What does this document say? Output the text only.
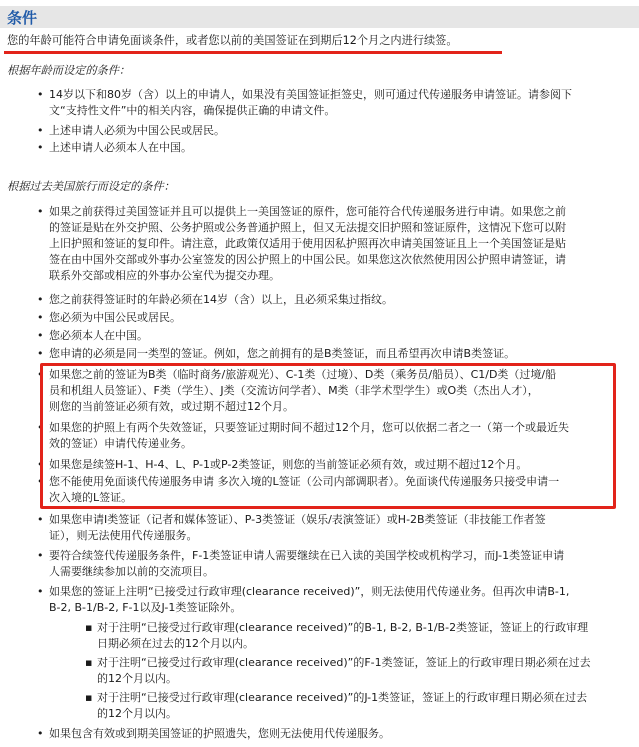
条件
您的年龄可能符合申请免面谈条件，或者您以前的美国签证在到期后12个月之内进行续签。
根据年龄而设定的条件：
• 14岁以下和80岁（含）以上的申请人，如果没有美国签证拒签史，则可通过代传递服务申请签证。请参阅下
文“支持性文件”中的相关内容，确保提供正确的申请文件。
• 上述申请人必须为中国公民或居民。
• 上述申请人必须本人在中国。
根据过去美国旅行而设定的条件：
• 如果之前获得过美国签证并且可以提供上一美国签证的原件，您可能符合代传递服务进行申请。如果您之前
的签证是贴在外交护照、公务护照或公务普通护照上，但又无法提交旧护照和签证原件，这情况下您可以附
上旧护照和签证的复印件。请注意，此政策仅适用于使用因私护照再次申请美国签证且上一个美国签证是贴
签在由中国外交部或外事办公室签发的因公护照上的中国公民。如果您这次依然使用因公护照申请签证，请
联系外交部或相应的外事办公室代为提交办理。
• 您之前获得签证时的年龄必须在14岁（含）以上，且必须采集过指纹。
• 您必须为中国公民或居民。
• 您必须本人在中国。
• 您申请的必须是同一类型的签证。例如，您之前拥有的是B类签证，而且希望再次申请B类签证。
• 如果您之前的签证为B类（临时商务/旅游观光）、C-1类（过境）、D类（乘务员/船员）、C1/D类（过境/船
员和机组人员签证）、F类（学生）、J类（交流访问学者）、M类（非学术型学生）或O类（杰出人才），
则您的当前签证必须有效，或过期不超过12个月。
• 如果您的护照上有两个失效签证，只要签证过期时间不超过12个月，您可以依据二者之一（第一个或最近失
效的签证）申请代传递业务。
• 如果您是续签H-1、H-4、L、P-1或P-2类签证，则您的当前签证必须有效，或过期不超过12个月。
• 您不能使用免面谈代传递服务申请 多次入境的L签证（公司内部调职者）。免面谈代传递服务只接受申请一
次入境的L签证。
• 如果您申请I类签证（记者和媒体签证）、P-3类签证（娱乐/表演签证）或H-2B类签证（非技能工作者签
证），则无法使用代传递服务。
• 要符合续签代传递服务条件，F-1类签证申请人需要继续在已入读的美国学校或机构学习，而J-1类签证申请
人需要继续参加以前的交流项目。
• 如果您的签证上注明“已接受过行政审理(clearance received)”，则无法使用代传递业务。但再次申请B-1,
B-2, B-1/B-2, F-1以及J-1类签证除外。
▪ 对于注明“已接受过行政审理(clearance received)”的B-1, B-2, B-1/B-2类签证，签证上的行政审理
日期必须在过去的12个月以内。
▪ 对于注明“已接受过行政审理(clearance received)”的F-1类签证，签证上的行政审理日期必须在过去
的12个月以内。
▪ 对于注明“已接受过行政审理(clearance received)”的J-1类签证，签证上的行政审理日期必须在过去
的12个月以内。
• 如果包含有效或到期美国签证的护照遗失，您则无法使用代传递服务。
